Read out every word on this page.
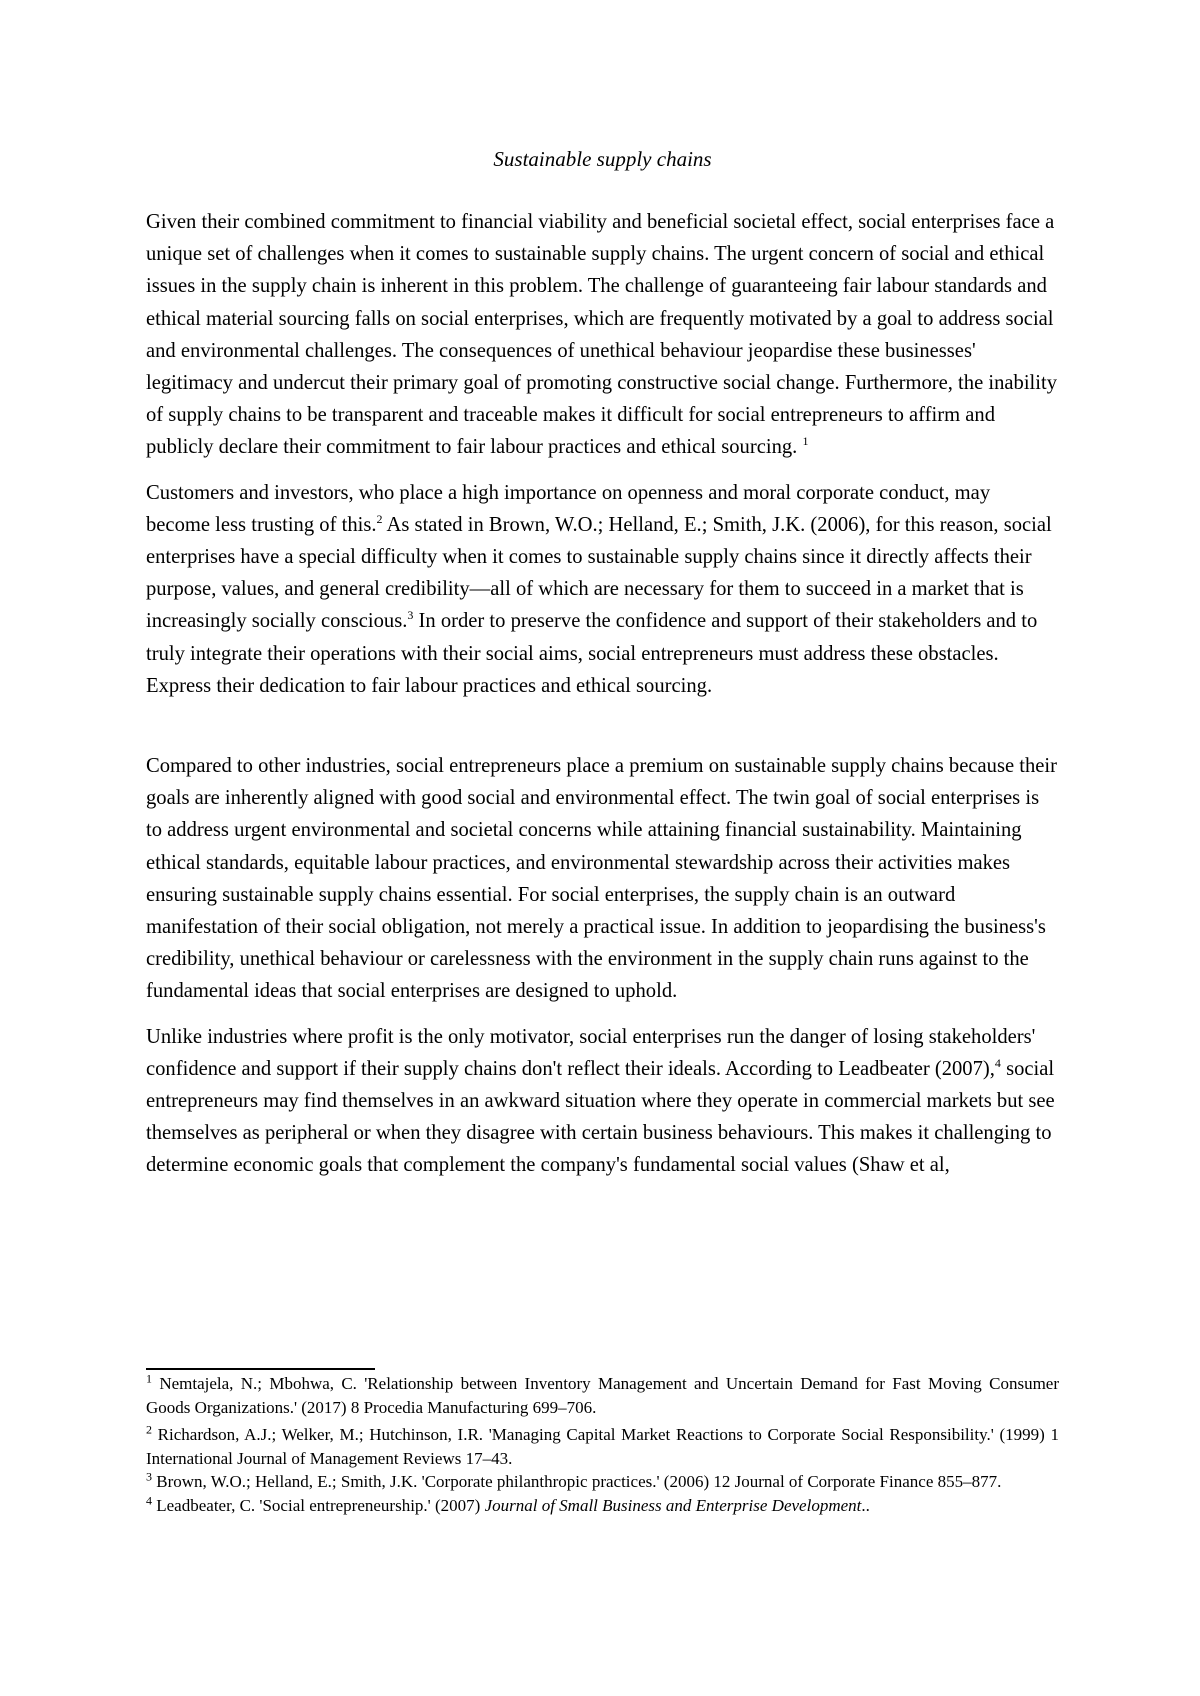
Sustainable supply chains

Given their combined commitment to financial viability and beneficial societal effect, social enterprises face a unique set of challenges when it comes to sustainable supply chains. The urgent concern of social and ethical issues in the supply chain is inherent in this problem. The challenge of guaranteeing fair labour standards and ethical material sourcing falls on social enterprises, which are frequently motivated by a goal to address social and environmental challenges. The consequences of unethical behaviour jeopardise these businesses' legitimacy and undercut their primary goal of promoting constructive social change. Furthermore, the inability of supply chains to be transparent and traceable makes it difficult for social entrepreneurs to affirm and publicly declare their commitment to fair labour practices and ethical sourcing. $^1$

Customers and investors, who place a high importance on openness and moral corporate conduct, may become less trusting of this.$^2$ As stated in Brown, W.O.; Helland, E.; Smith, J.K. (2006), for this reason, social enterprises have a special difficulty when it comes to sustainable supply chains since it directly affects their purpose, values, and general credibility—all of which are necessary for them to succeed in a market that is increasingly socially conscious.$^3$ In order to preserve the confidence and support of their stakeholders and to truly integrate their operations with their social aims, social entrepreneurs must address these obstacles. Express their dedication to fair labour practices and ethical sourcing.

Compared to other industries, social entrepreneurs place a premium on sustainable supply chains because their goals are inherently aligned with good social and environmental effect. The twin goal of social enterprises is to address urgent environmental and societal concerns while attaining financial sustainability. Maintaining ethical standards, equitable labour practices, and environmental stewardship across their activities makes ensuring sustainable supply chains essential. For social enterprises, the supply chain is an outward manifestation of their social obligation, not merely a practical issue. In addition to jeopardising the business's credibility, unethical behaviour or carelessness with the environment in the supply chain runs against to the fundamental ideas that social enterprises are designed to uphold.

Unlike industries where profit is the only motivator, social enterprises run the danger of losing stakeholders' confidence and support if their supply chains don't reflect their ideals. According to Leadbeater (2007),$^4$ social entrepreneurs may find themselves in an awkward situation where they operate in commercial markets but see themselves as peripheral or when they disagree with certain business behaviours. This makes it challenging to determine economic goals that complement the company's fundamental social values (Shaw et al,

$^1$ Nemtajela, N.; Mbohwa, C. 'Relationship between Inventory Management and Uncertain Demand for Fast Moving Consumer Goods Organizations.' (2017) 8 Procedia Manufacturing 699–706.

$^2$ Richardson, A.J.; Welker, M.; Hutchinson, I.R. 'Managing Capital Market Reactions to Corporate Social Responsibility.' (1999) 1 International Journal of Management Reviews 17–43.

$^3$ Brown, W.O.; Helland, E.; Smith, J.K. 'Corporate philanthropic practices.' (2006) 12 Journal of Corporate Finance 855–877.

$^4$ Leadbeater, C. 'Social entrepreneurship.' (2007) Journal of Small Business and Enterprise Development..
